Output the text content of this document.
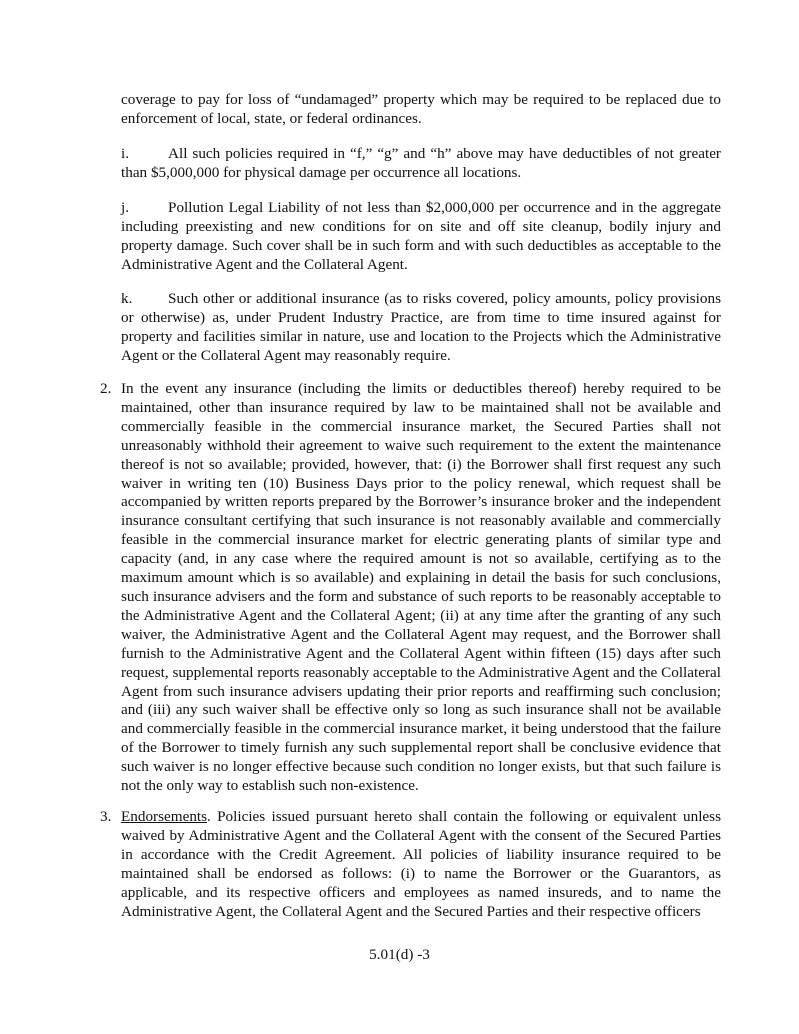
coverage to pay for loss of “undamaged” property which may be required to be replaced due to enforcement of local, state, or federal ordinances.

i.	All such policies required in “f,” “g” and “h” above may have deductibles of not greater than $5,000,000 for physical damage per occurrence all locations.

j.	Pollution Legal Liability of not less than $2,000,000 per occurrence and in the aggregate including preexisting and new conditions for on site and off site cleanup, bodily injury and property damage. Such cover shall be in such form and with such deductibles as acceptable to the Administrative Agent and the Collateral Agent.

k. Such other or additional insurance (as to risks covered, policy amounts, policy provisions or otherwise) as, under Prudent Industry Practice, are from time to time insured against for property and facilities similar in nature, use and location to the Projects which the Administrative Agent or the Collateral Agent may reasonably require.

2. In the event any insurance (including the limits or deductibles thereof) hereby required to be maintained, other than insurance required by law to be maintained shall not be available and commercially feasible in the commercial insurance market, the Secured Parties shall not unreasonably withhold their agreement to waive such requirement to the extent the maintenance thereof is not so available; provided, however, that: (i) the Borrower shall first request any such waiver in writing ten (10) Business Days prior to the policy renewal, which request shall be accompanied by written reports prepared by the Borrower’s insurance broker and the independent insurance consultant certifying that such insurance is not reasonably available and commercially feasible in the commercial insurance market for electric generating plants of similar type and capacity (and, in any case where the required amount is not so available, certifying as to the maximum amount which is so available) and explaining in detail the basis for such conclusions, such insurance advisers and the form and substance of such reports to be reasonably acceptable to the Administrative Agent and the Collateral Agent; (ii) at any time after the granting of any such waiver, the Administrative Agent and the Collateral Agent may request, and the Borrower shall furnish to the Administrative Agent and the Collateral Agent within fifteen (15) days after such request, supplemental reports reasonably acceptable to the Administrative Agent and the Collateral Agent from such insurance advisers updating their prior reports and reaffirming such conclusion; and (iii) any such waiver shall be effective only so long as such insurance shall not be available and commercially feasible in the commercial insurance market, it being understood that the failure of the Borrower to timely furnish any such supplemental report shall be conclusive evidence that such waiver is no longer effective because such condition no longer exists, but that such failure is not the only way to establish such non-existence.

3. Endorsements. Policies issued pursuant hereto shall contain the following or equivalent unless waived by Administrative Agent and the Collateral Agent with the consent of the Secured Parties in accordance with the Credit Agreement. All policies of liability insurance required to be maintained shall be endorsed as follows: (i) to name the Borrower or the Guarantors, as applicable, and its respective officers and employees as named insureds, and to name the Administrative Agent, the Collateral Agent and the Secured Parties and their respective officers

5.01(d) -3
